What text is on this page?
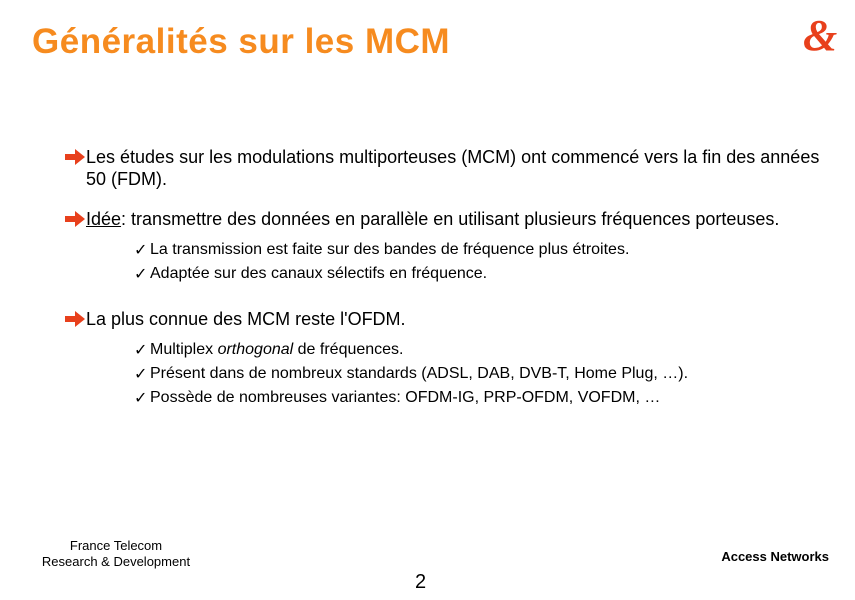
Généralités sur les MCM	&

Les études sur les modulations multiporteuses (MCM) ont commencé vers la fin des années 50 (FDM).

Idée: transmettre des données en parallèle en utilisant plusieurs fréquences porteuses.

✓ La transmission est faite sur des bandes de fréquence plus étroites.
✓ Adaptée sur des canaux sélectifs en fréquence.

La plus connue des MCM reste l'OFDM.

✓ Multiplex orthogonal de fréquences.
✓ Présent dans de nombreux standards (ADSL, DAB, DVB-T, Home Plug, …).
✓ Possède de nombreuses variantes: OFDM-IG, PRP-OFDM, VOFDM, …
France Telecom
Research & Development	Access Networks
2
